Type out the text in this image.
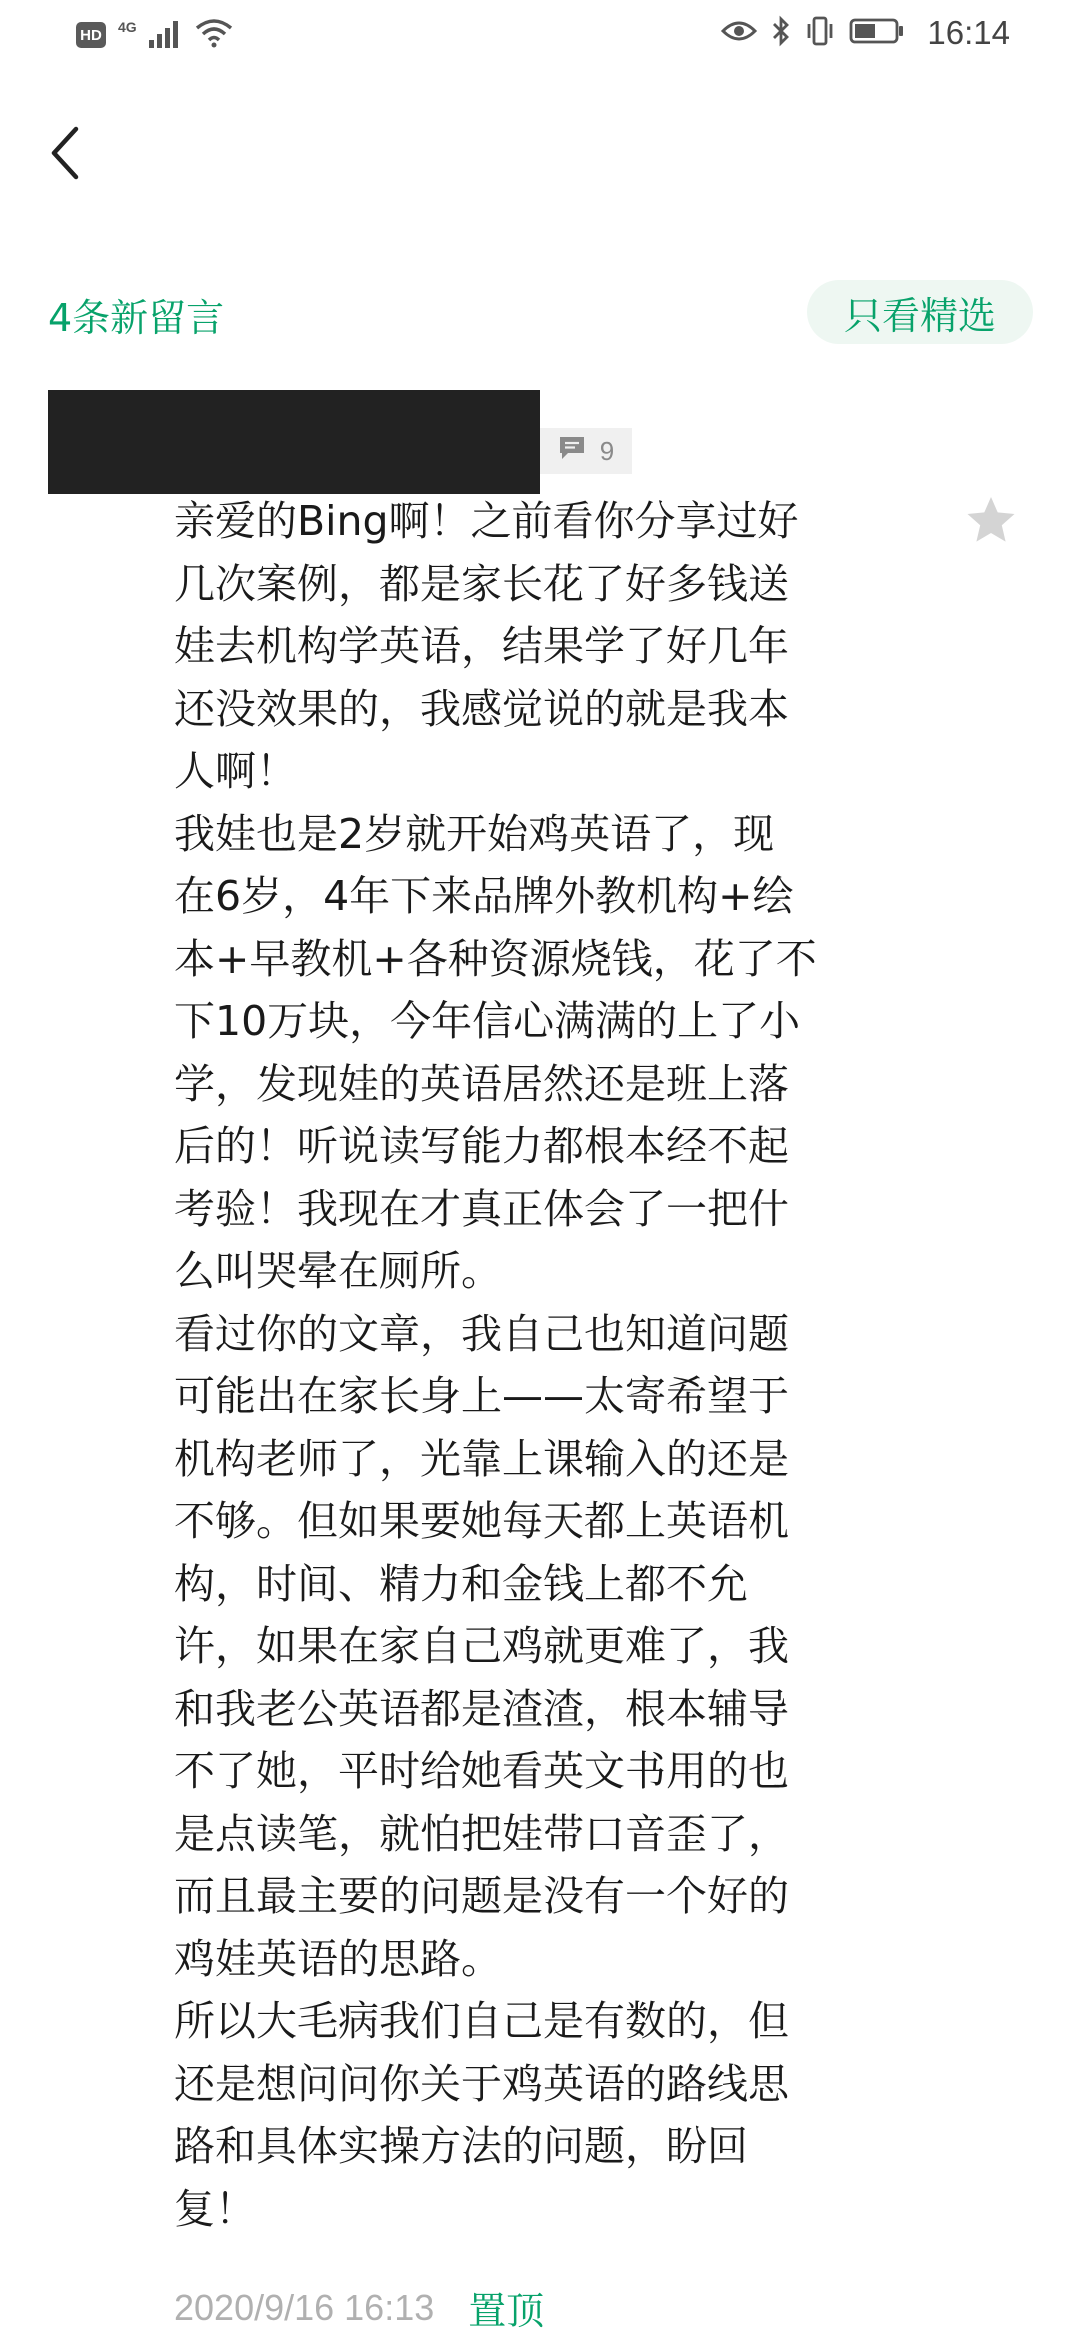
HD 4G	16:14
4条新留言	只看精选
9

亲爱的Bing啊！之前看你分享过好
几次案例，都是家长花了好多钱送
娃去机构学英语，结果学了好几年
还没效果的，我感觉说的就是我本
人啊！
我娃也是2岁就开始鸡英语了，现
在6岁，4年下来品牌外教机构+绘
本+早教机+各种资源烧钱，花了不
下10万块，今年信心满满的上了小
学，发现娃的英语居然还是班上落
后的！听说读写能力都根本经不起
考验！我现在才真正体会了一把什
么叫哭晕在厕所。
看过你的文章，我自己也知道问题
可能出在家长身上——太寄希望于
机构老师了，光靠上课输入的还是
不够。但如果要她每天都上英语机
构，时间、精力和金钱上都不允
许，如果在家自己鸡就更难了，我
和我老公英语都是渣渣，根本辅导
不了她，平时给她看英文书用的也
是点读笔，就怕把娃带口音歪了，
而且最主要的问题是没有一个好的
鸡娃英语的思路。
所以大毛病我们自己是有数的，但
还是想问问你关于鸡英语的路线思
路和具体实操方法的问题，盼回
复！

2020/9/16 16:13 置顶
